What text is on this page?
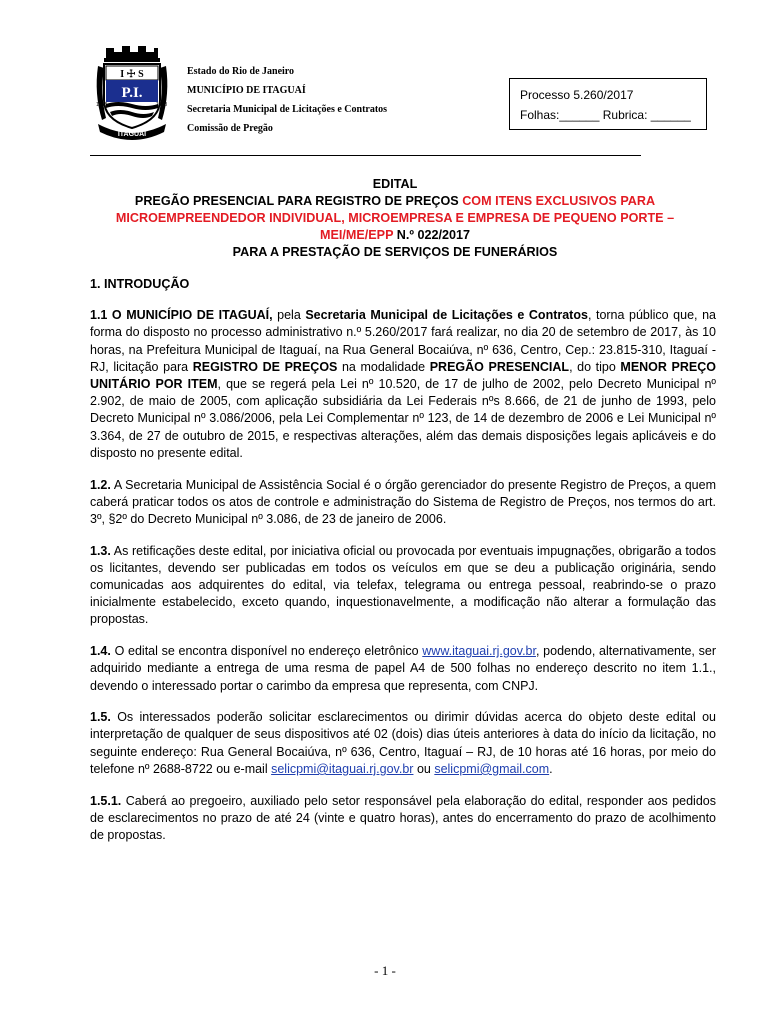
I ☩ S
P.I.
1818	1818
ITAGUAÍ
Estado do Rio de Janeiro
MUNICÍPIO DE ITAGUAÍ
Secretaria Municipal de Licitações e Contratos
Comissão de Pregão
Processo 5.260/2017
Folhas:______ Rubrica: ______
EDITAL
PREGÃO PRESENCIAL PARA REGISTRO DE PREÇOS COM ITENS EXCLUSIVOS PARA
MICROEMPREENDEDOR INDIVIDUAL, MICROEMPRESA E EMPRESA DE PEQUENO PORTE –
MEI/ME/EPP N.º 022/2017
PARA A PRESTAÇÃO DE SERVIÇOS DE FUNERÁRIOS
1. INTRODUÇÃO

1.1 O MUNICÍPIO DE ITAGUAÍ, pela Secretaria Municipal de Licitações e Contratos, torna público que, na forma do disposto no processo administrativo n.º 5.260/2017 fará realizar, no dia 20 de setembro de 2017, às 10 horas, na Prefeitura Municipal de Itaguaí, na Rua General Bocaiúva, nº 636, Centro, Cep.: 23.815-310, Itaguaí - RJ, licitação para REGISTRO DE PREÇOS na modalidade PREGÃO PRESENCIAL, do tipo MENOR PREÇO UNITÁRIO POR ITEM, que se regerá pela Lei nº 10.520, de 17 de julho de 2002, pelo Decreto Municipal nº 2.902, de maio de 2005, com aplicação subsidiária da Lei Federais nºs 8.666, de 21 de junho de 1993, pelo Decreto Municipal nº 3.086/2006, pela Lei Complementar nº 123, de 14 de dezembro de 2006 e Lei Municipal nº 3.364, de 27 de outubro de 2015, e respectivas alterações, além das demais disposições legais aplicáveis e do disposto no presente edital.

1.2. A Secretaria Municipal de Assistência Social é o órgão gerenciador do presente Registro de Preços, a quem caberá praticar todos os atos de controle e administração do Sistema de Registro de Preços, nos termos do art. 3º, §2º do Decreto Municipal nº 3.086, de 23 de janeiro de 2006.

1.3. As retificações deste edital, por iniciativa oficial ou provocada por eventuais impugnações, obrigarão a todos os licitantes, devendo ser publicadas em todos os veículos em que se deu a publicação originária, sendo comunicadas aos adquirentes do edital, via telefax, telegrama ou entrega pessoal, reabrindo-se o prazo inicialmente estabelecido, exceto quando, inquestionavelmente, a modificação não alterar a formulação das propostas.

1.4. O edital se encontra disponível no endereço eletrônico www.itaguai.rj.gov.br, podendo, alternativamente, ser adquirido mediante a entrega de uma resma de papel A4 de 500 folhas no endereço descrito no item 1.1., devendo o interessado portar o carimbo da empresa que representa, com CNPJ.

1.5. Os interessados poderão solicitar esclarecimentos ou dirimir dúvidas acerca do objeto deste edital ou interpretação de qualquer de seus dispositivos até 02 (dois) dias úteis anteriores à data do início da licitação, no seguinte endereço: Rua General Bocaiúva, nº 636, Centro, Itaguaí – RJ, de 10 horas até 16 horas, por meio do telefone nº 2688-8722 ou e-mail selicpmi@itaguai.rj.gov.br ou selicpmi@gmail.com.

1.5.1. Caberá ao pregoeiro, auxiliado pelo setor responsável pela elaboração do edital, responder aos pedidos de esclarecimentos no prazo de até 24 (vinte e quatro horas), antes do encerramento do prazo de acolhimento de propostas.

- 1 -
